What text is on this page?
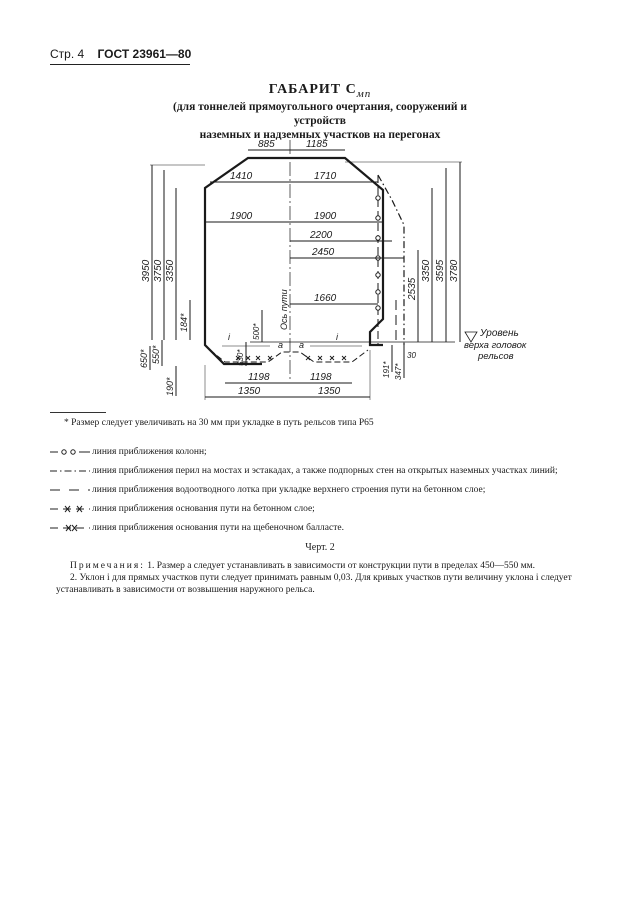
Стр. 4 ГОСТ 23961—80
ГАБАРИТ $С_{мп}$
(для тоннелей прямоугольного очертания, сооружений и устройств
наземных и надземных участков на перегонах
885	1185
1410	1710
1900	1900
2200
2450
1660
3950 3750 3350
184*
650* 550*
190*
2535
3350 3595 3780
Ось пути
500*
530*
a a
i	i
191* 347*
30
1198	1198
1350	1350
Уровень
верха головок
рельсов
* Размер следует увеличивать на 30 мм при укладке в путь рельсов типа Р65
линия приближения колонн;
линия приближения перил на мостах и эстакадах, а также подпорных стен на открытых наземных участках линий;
линия приближения водоотводного лотка при укладке верхнего строения пути на бетонном слое;
линия приближения основания пути на бетонном слое;
линия приближения основания пути на щебеночном балласте.
Черт. 2

Примечания: 1. Размер a следует устанавливать в зависимости от конструкции пути в пределах 450—550 мм.

2. Уклон i для прямых участков пути следует принимать равным 0,03. Для кривых участков пути величину уклона i следует устанавливать в зависимости от возвышения наружного рельса.
